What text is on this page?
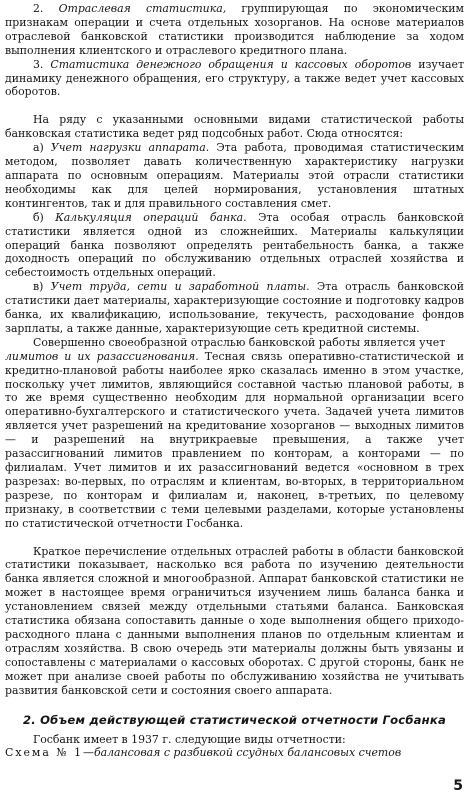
2. Отраслевая статистика, группирующая по экономическим признакам операции и счета отдельных хозорганов. На основе материалов отраслевой банковской статистики производится наблюдение за ходом выполнения клиентского и отраслевого кредитного плана.

3. Статистика денежного обращения и кассовых оборотов изучает динамику денежного обращения, его структуру, а также ведет учет кассовых оборотов.

На ряду с указанными основными видами статистической работы банковская статистика ведет ряд подсобных работ. Сюда относятся:

а) Учет нагрузки аппарата. Эта работа, проводимая статистическим методом, позволяет давать количественную характеристику нагрузки аппарата по основным операциям. Материалы этой отрасли статистики необходимы как для целей нормирования, установления штатных контингентов, так и для правильного составления смет.

б) Калькуляция операций банка. Эта особая отрасль банковской статистики является одной из сложнейших. Материалы калькуляции операций банка позволяют определять рентабельность банка, а также доходность операций по обслуживанию отдельных отраслей хозяйства и себестоимость отдельных операций.

в) Учет труда, сети и заработной платы. Эта отрасль банковской статистики дает материалы, характеризующие состояние и подготовку кадров банка, их квалификацию, использование, текучесть, расходование фондов зарплаты, а также данные, характеризующие сеть кредитной системы.

Совершенно своеобразной отраслью банковской работы является учет

лимитов и их разассигнования. Тесная связь оперативно-статистической и кредитно-плановой работы наиболее ярко сказалась именно в этом участке, поскольку учет лимитов, являющийся составной частью плановой работы, в то же время существенно необходим для нормальной организации всего оперативно-бухгалтерского и статистического учета. Задачей учета лимитов является учет разрешений на кредитование хозорганов — выходных лимитов — и разрешений на внутрикраевые превышения, а также учет разассигнований лимитов правлением по конторам, а конторами — по филиалам. Учет лимитов и их разассигнований ведется «основном в трех разрезах: во-первых, по отраслям и клиентам, во-вторых, в территориальном разрезе, по конторам и филиалам и, наконец, в-третьих, по целевому признаку, в соответствии с теми целевыми разделами, которые установлены по статистической отчетности Госбанка.

Краткое перечисление отдельных отраслей работы в области банковской статистики показывает, насколько вся работа по изучению деятельности банка является сложной и многообразной. Аппарат банковской статистики не может в настоящее время ограничиться изучением лишь баланса банка и установлением связей между отдельными статьями баланса. Банковская статистика обязана сопоставить данные о ходе выполнения общего приходо-расходного плана с данными выполнения планов по отдельным клиентам и отраслям хозяйства. В свою очередь эти материалы должны быть увязаны и сопоставлены с материалами о кассовых оборотах. С другой стороны, банк не может при анализе своей работы по обслуживанию хозяйства не учитывать развития банковской сети и состояния своего аппарата.

2. Объем действующей статистической отчетности Госбанка

Госбанк имеет в 1937 г. следующие виды отчетности:

Схема № 1—балансовая с разбивкой ссудных балансовых счетов

5
